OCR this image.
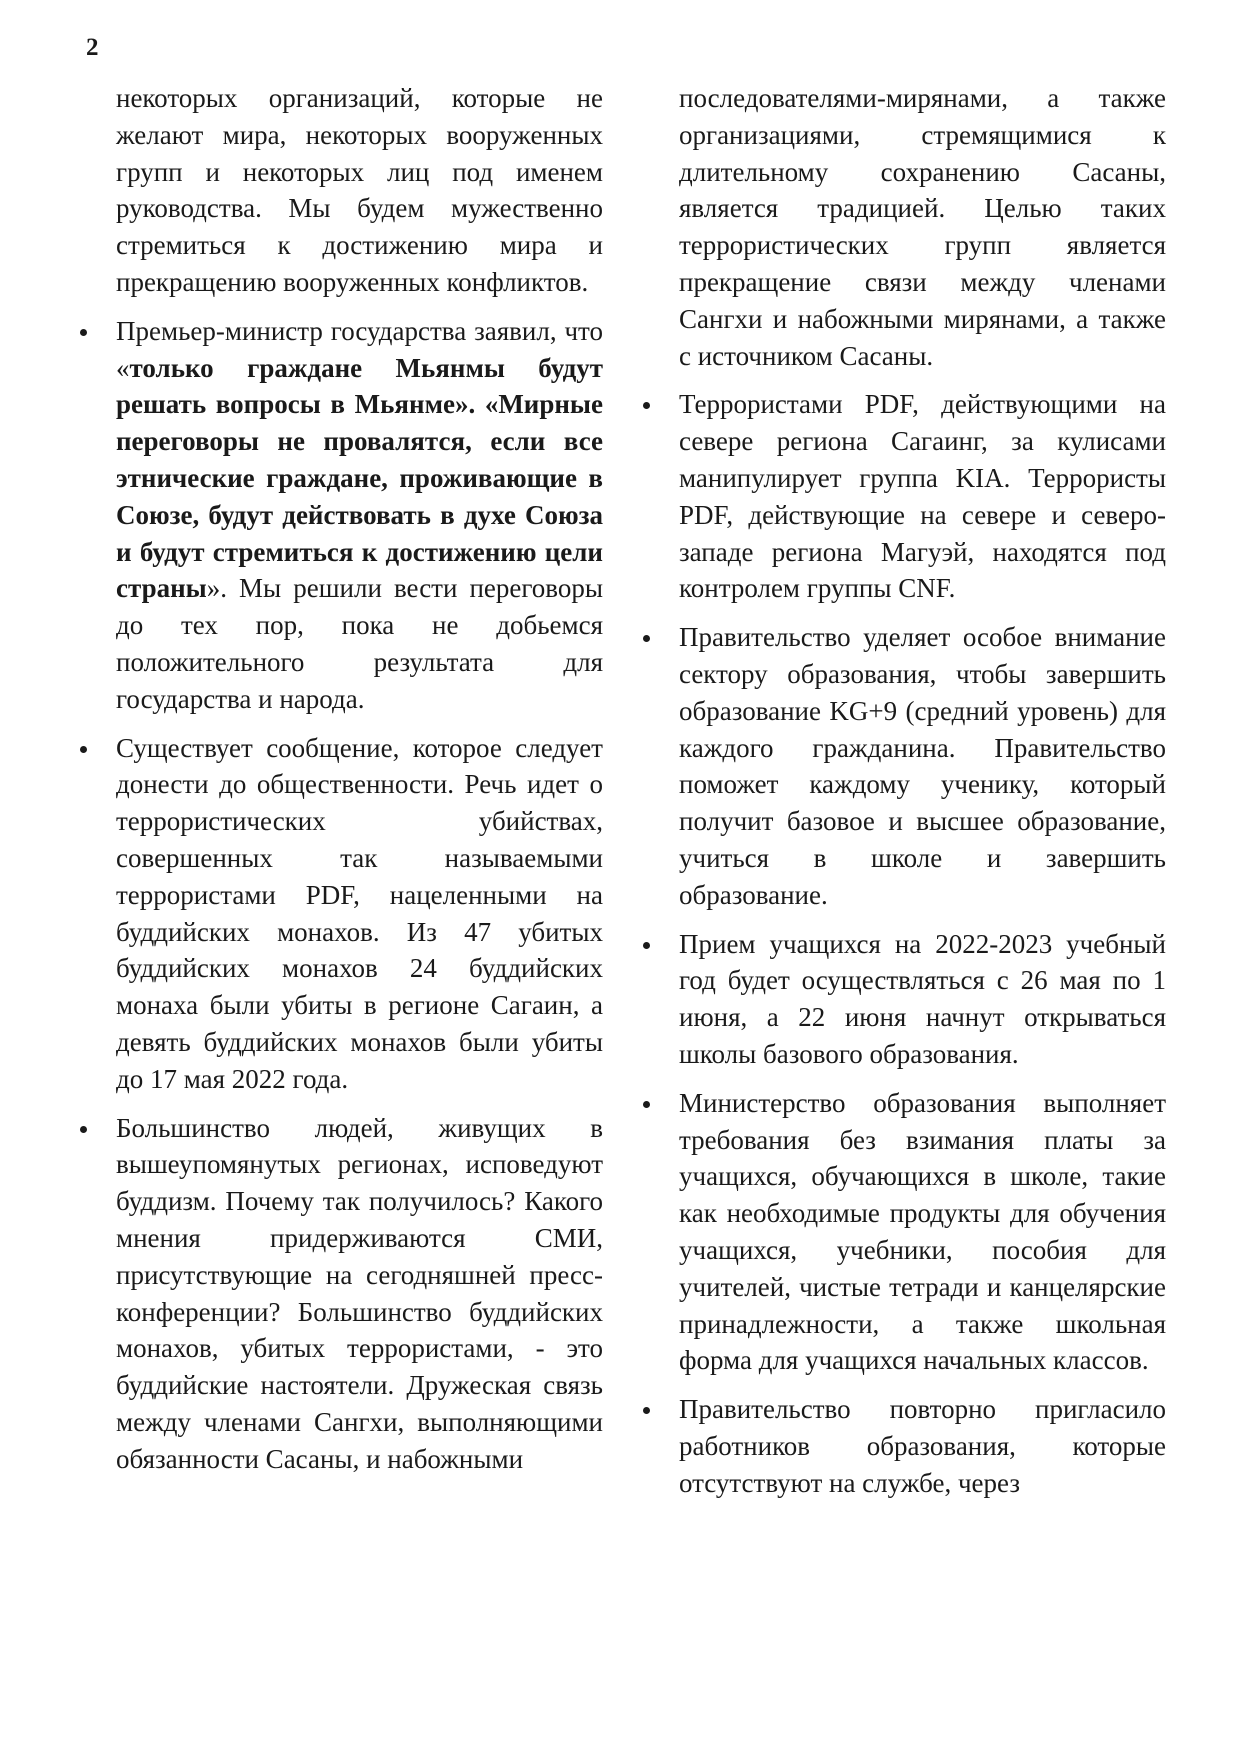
2

некоторых организаций, которые не желают мира, некоторых вооруженных групп и некоторых лиц под именем руководства. Мы будем мужественно стремиться к достижению мира и прекращению вооруженных конфликтов.

Премьер-министр государства заявил, что «только граждане Мьянмы будут решать вопросы в Мьянме». «Мирные переговоры не провалятся, если все этнические граждане, проживающие в Союзе, будут действовать в духе Союза и будут стремиться к достижению цели страны». Мы решили вести переговоры до тех пор, пока не добьемся положительного результата для государства и народа.

Существует сообщение, которое следует донести до общественности. Речь идет о террористических убийствах, совершенных так называемыми террористами PDF, нацеленными на буддийских монахов. Из 47 убитых буддийских монахов 24 буддийских монаха были убиты в регионе Сагаин, а девять буддийских монахов были убиты до 17 мая 2022 года.

Большинство людей, живущих в вышеупомянутых регионах, исповедуют буддизм. Почему так получилось? Какого мнения придерживаются СМИ, присутствующие на сегодняшней пресс-конференции? Большинство буддийских монахов, убитых террористами, - это буддийские настоятели. Дружеская связь между членами Сангхи, выполняющими обязанности Сасаны, и набожными

последователями-мирянами, а также организациями, стремящимися к длительному сохранению Сасаны, является традицией. Целью таких террористических групп является прекращение связи между членами Сангхи и набожными мирянами, а также с источником Сасаны.

Террористами PDF, действующими на севере региона Сагаинг, за кулисами манипулирует группа KIA. Террористы PDF, действующие на севере и северо-западе региона Магуэй, находятся под контролем группы CNF.

Правительство уделяет особое внимание сектору образования, чтобы завершить образование KG+9 (средний уровень) для каждого гражданина. Правительство поможет каждому ученику, который получит базовое и высшее образование, учиться в школе и завершить образование.

Прием учащихся на 2022-2023 учебный год будет осуществляться с 26 мая по 1 июня, а 22 июня начнут открываться школы базового образования.

Министерство образования выполняет требования без взимания платы за учащихся, обучающихся в школе, такие как необходимые продукты для обучения учащихся, учебники, пособия для учителей, чистые тетради и канцелярские принадлежности, а также школьная форма для учащихся начальных классов.

Правительство повторно пригласило работников образования, которые отсутствуют на службе, через
